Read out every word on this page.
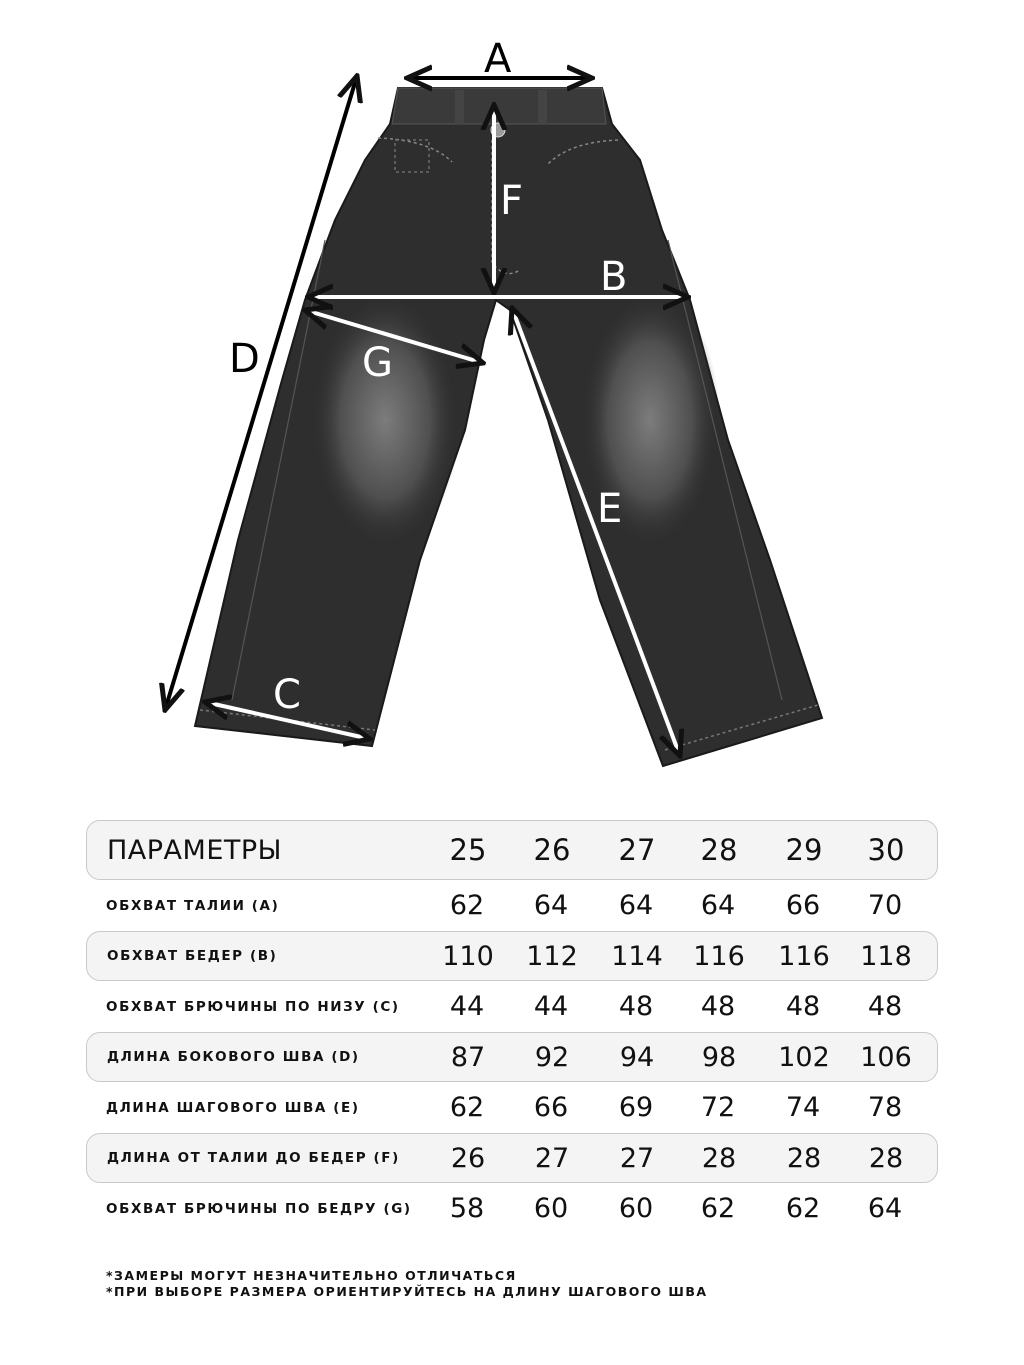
A
D
F
B
G
E
C
ПАРАМЕТРЫ	25	26	27	28	29	30
ОБХВАТ ТАЛИИ (A)	62	64	64	64	66	70
ОБХВАТ БЕДЕР (B)	110	112	114	116	116	118
ОБХВАТ БРЮЧИНЫ ПО НИЗУ (C)	44	44	48	48	48	48
ДЛИНА БОКОВОГО ШВА (D)	87	92	94	98	102	106
ДЛИНА ШАГОВОГО ШВА (E)	62	66	69	72	74	78
ДЛИНА ОТ ТАЛИИ ДО БЕДЕР (F)	26	27	27	28	28	28
ОБХВАТ БРЮЧИНЫ ПО БЕДРУ (G)	58	60	60	62	62	64
*ЗАМЕРЫ МОГУТ НЕЗНАЧИТЕЛЬНО ОТЛИЧАТЬСЯ
*ПРИ ВЫБОРЕ РАЗМЕРА ОРИЕНТИРУЙТЕСЬ НА ДЛИНУ ШАГОВОГО ШВА
